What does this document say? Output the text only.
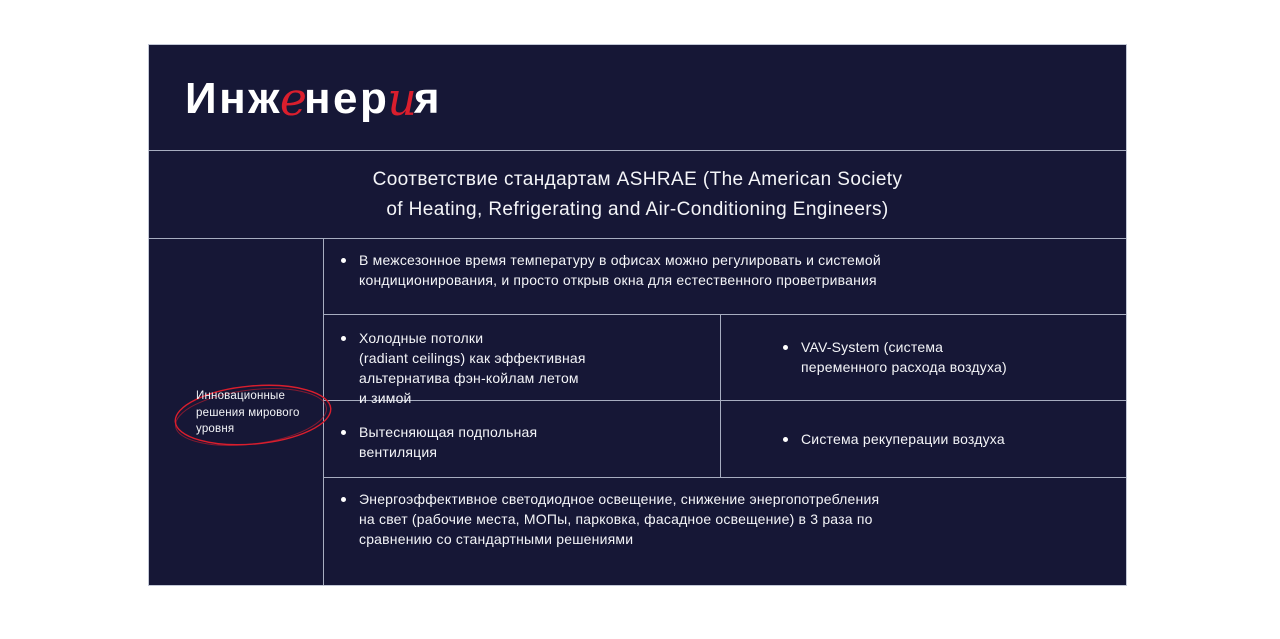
Инженерия
Соответствие стандартам ASHRAE (The American Society
of Heating, Refrigerating and Air-Conditioning Engineers)
Инновационные
решения мирового
уровня
В межсезонное время температуру в офисах можно регулировать и системой
кондиционирования, и просто открыв окна для естественного проветривания
Холодные потолки
(radiant ceilings) как эффективная
альтернатива фэн-койлам летом
и зимой
VAV-System (система
переменного расхода воздуха)
Вытесняющая подпольная
вентиляция
Система рекуперации воздуха
Энергоэффективное светодиодное освещение, снижение энергопотребления
на свет (рабочие места, МОПы, парковка, фасадное освещение) в 3 раза по
сравнению со стандартными решениями
